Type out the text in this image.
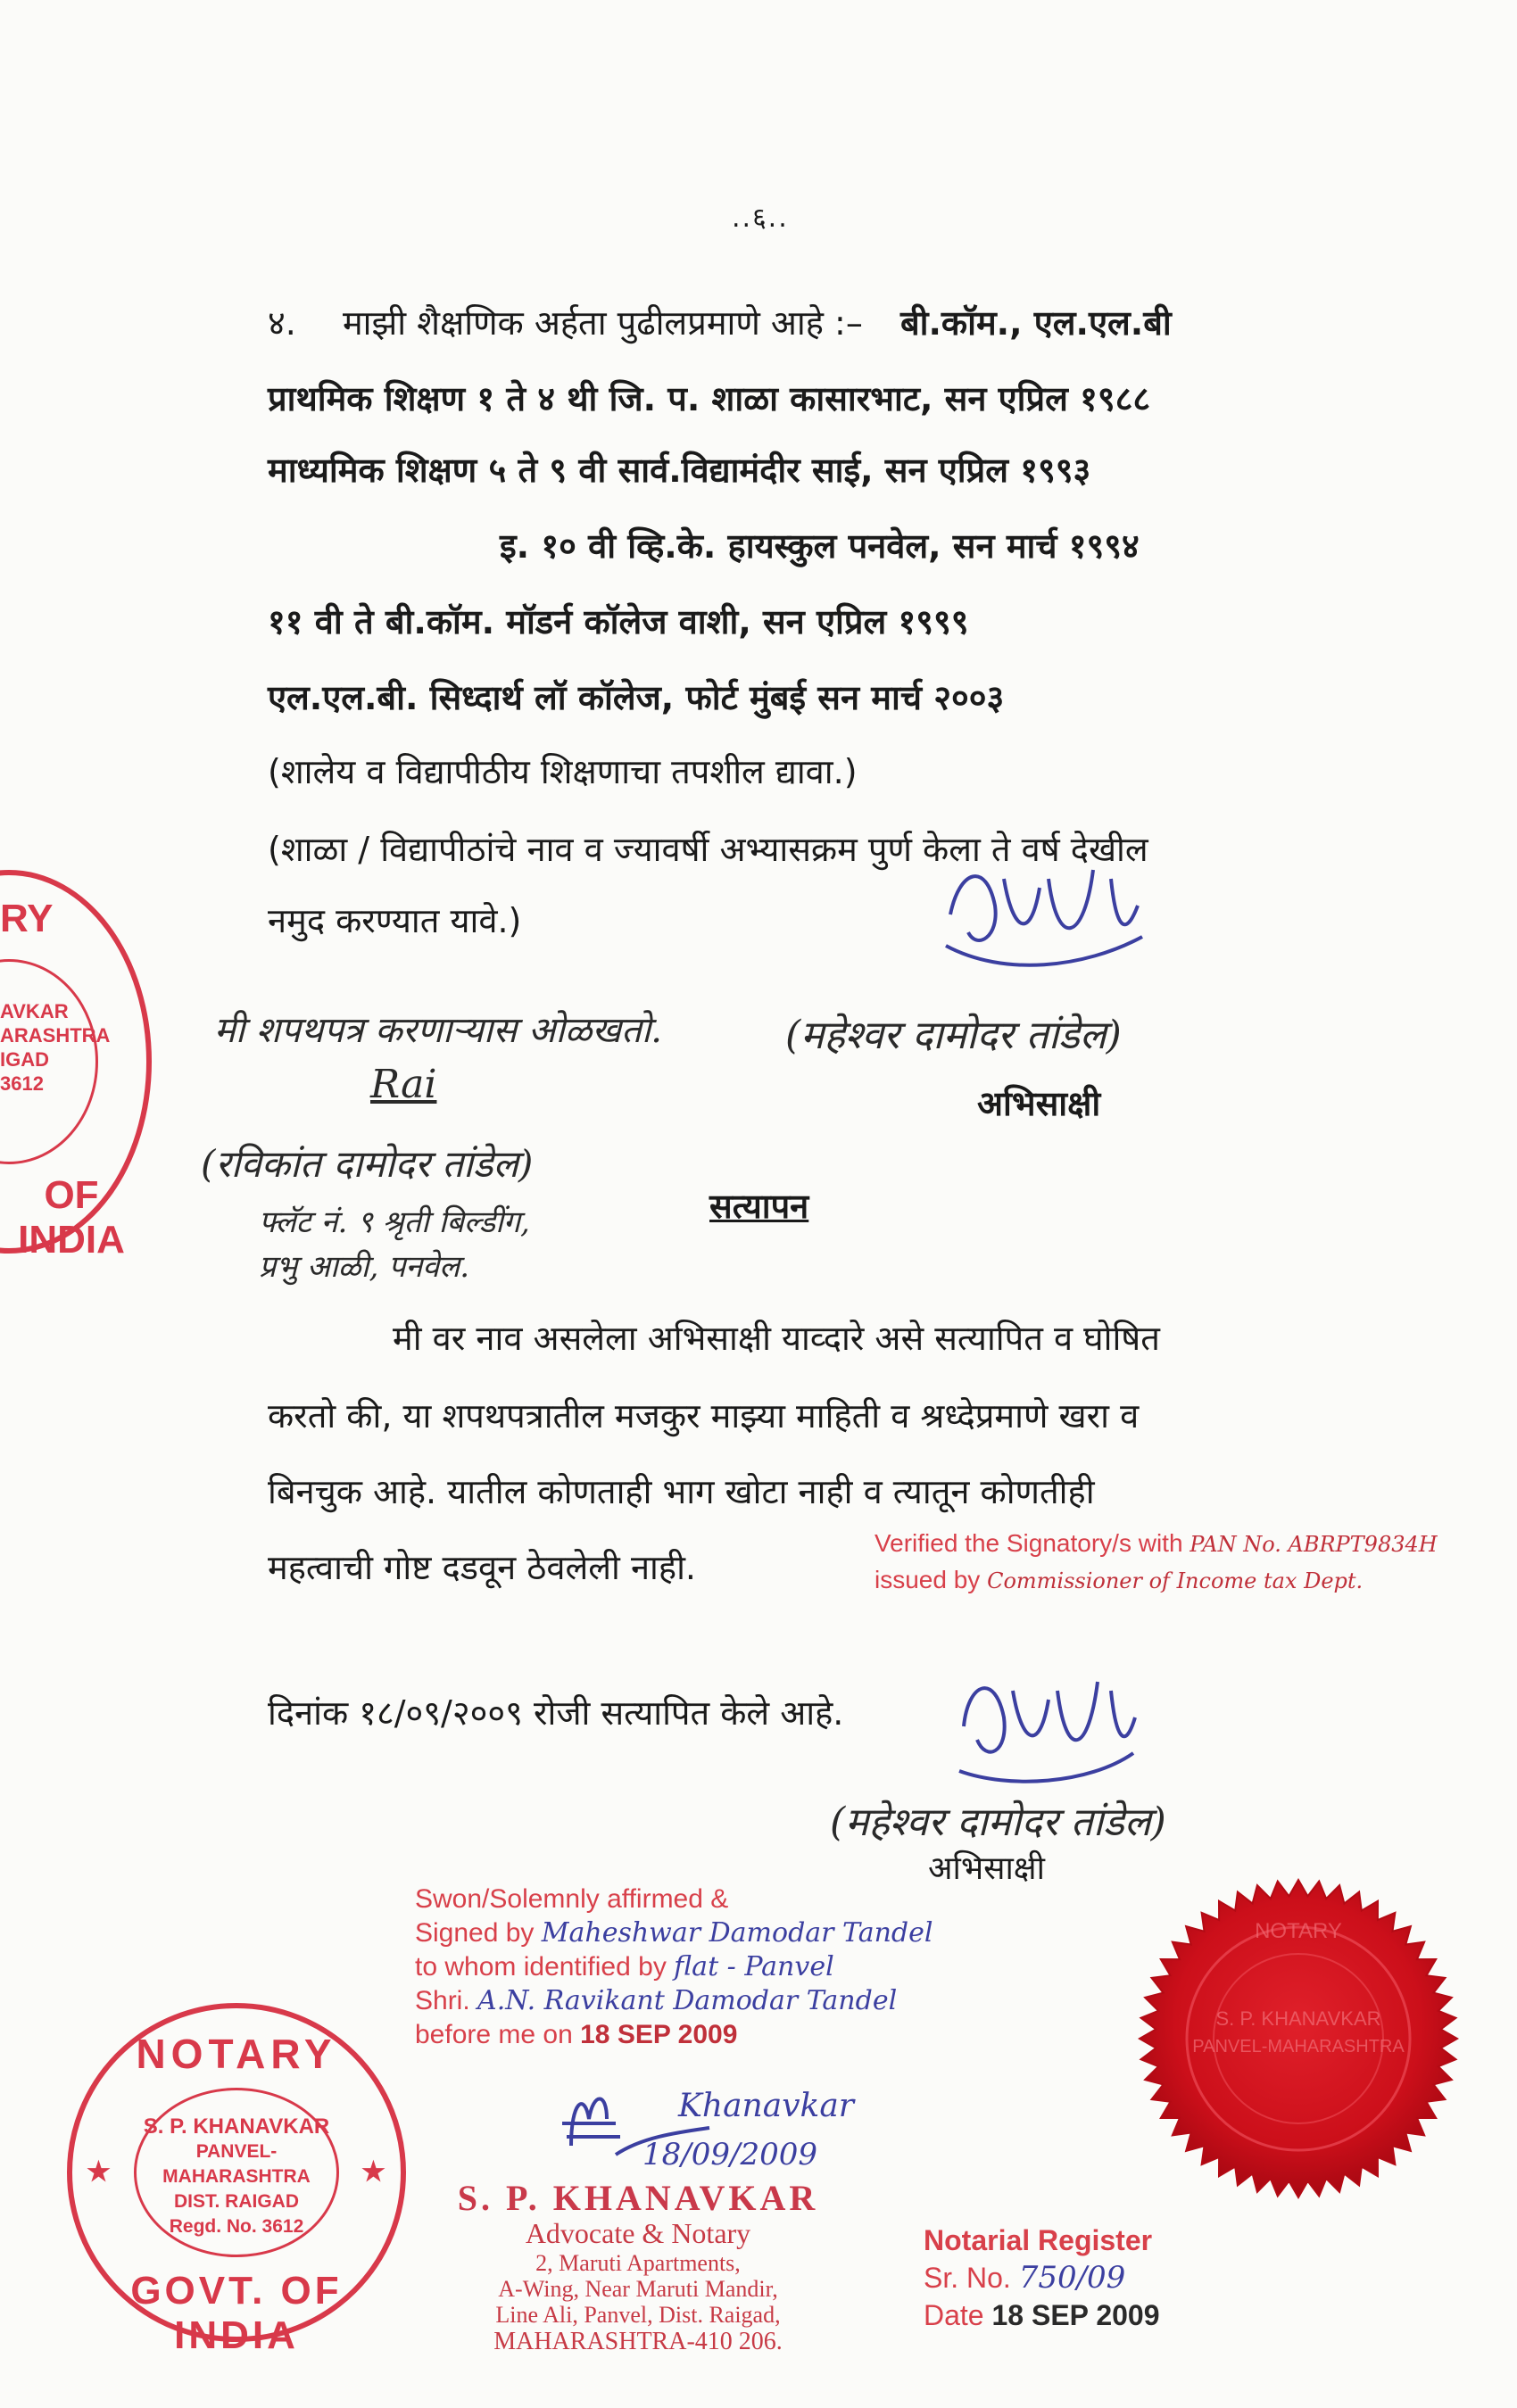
..६..
४. माझी शैक्षणिक अर्हता पुढीलप्रमाणे आहे :– बी.कॉम., एल.एल.बी
प्राथमिक शिक्षण १ ते ४ थी जि. प. शाळा कासारभाट, सन एप्रिल १९८८
माध्यमिक शिक्षण ५ ते ९ वी सार्व.विद्यामंदीर साई, सन एप्रिल १९९३
इ. १० वी व्हि.के. हायस्कुल पनवेल, सन मार्च १९९४
११ वी ते बी.कॉम. मॉडर्न कॉलेज वाशी, सन एप्रिल १९९९
एल.एल.बी. सिध्दार्थ लॉ कॉलेज, फोर्ट मुंबई सन मार्च २००३
(शालेय व विद्यापीठीय शिक्षणाचा तपशील द्यावा.)
(शाळा / विद्यापीठांचे नाव व ज्यावर्षी अभ्यासक्रम पुर्ण केला ते वर्ष देखील
नमुद करण्यात यावे.)
RY
AVKAR
ARASHTRA
IGAD
3612
OF INDIA
मी शपथपत्र करणाऱ्यास ओळखतो.	(महेश्वर दामोदर तांडेल)
अभिसाक्षी
Rai
(रविकांत दामोदर तांडेल)
फ्लॅट नं. ९ श्रृती बिल्डींग,
प्रभु आळी, पनवेल.
सत्यापन
मी वर नाव असलेला अभिसाक्षी याव्दारे असे सत्यापित व घोषित
करतो की, या शपथपत्रातील मजकुर माझ्या माहिती व श्रध्देप्रमाणे खरा व
बिनचुक आहे. यातील कोणताही भाग खोटा नाही व त्यातून कोणतीही
महत्वाची गोष्ट दडवून ठेवलेली नाही.
Verified the Signatory/s with PAN No. ABRPT9834H
issued by Commissioner of Income tax Dept.
दिनांक १८/०९/२००९ रोजी सत्यापित केले आहे.
(महेश्वर दामोदर तांडेल)
अभिसाक्षी
Swon/Solemnly affirmed &
Signed by Maheshwar Damodar Tandel
to whom identified by flat - Panvel
Shri. A.N. Ravikant Damodar Tandel
before me on 18 SEP 2009
Khanavkar
18/09/2009
NOTARY
S. P. KHANAVKAR
PANVEL-MAHARASHTRA
DIST. RAIGAD
Regd. No. 3612
GOVT. OF INDIA
★	★
S. P. KHANAVKAR
Advocate & Notary
2, Maruti Apartments,
A-Wing, Near Maruti Mandir,
Line Ali, Panvel, Dist. Raigad,
MAHARASHTRA-410 206.
Notarial Register
Sr. No. 750/09
Date 18 SEP 2009
S. P. KHANAVKAR
PANVEL-MAHARASHTRA
NOTARY
